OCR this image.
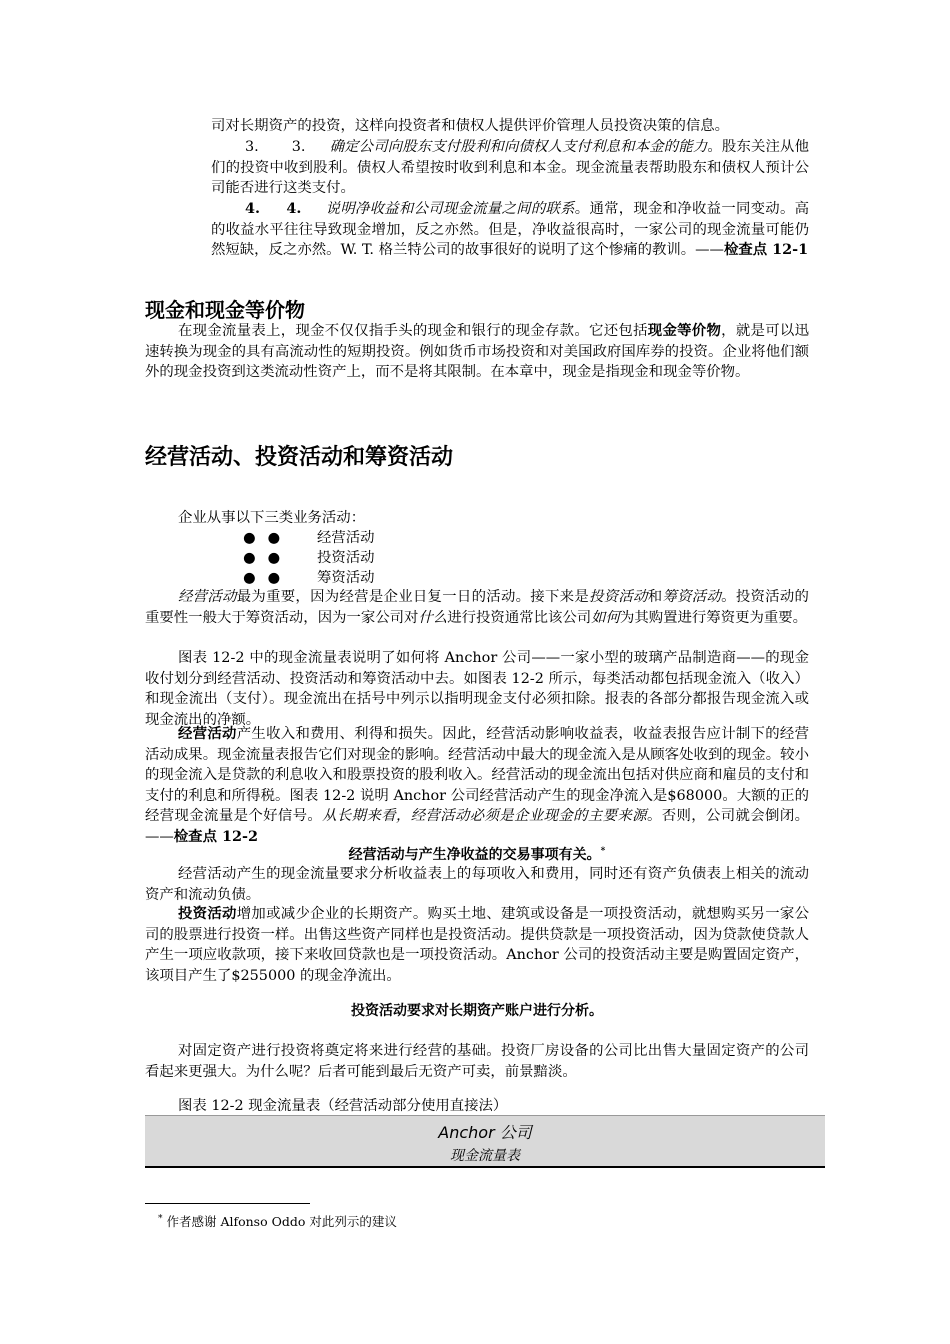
司对长期资产的投资，这样向投资者和债权人提供评价管理人员投资决策的信息。
3.       3. 确定公司向股东支付股利和向债权人支付利息和本金的能力。股东关注从他们的投资中收到股利。债权人希望按时收到利息和本金。现金流量表帮助股东和债权人预计公司能否进行这类支付。
4.     4. 说明净收益和公司现金流量之间的联系。通常，现金和净收益一同变动。高的收益水平往往导致现金增加，反之亦然。但是，净收益很高时，一家公司的现金流量可能仍然短缺，反之亦然。W. T. 格兰特公司的故事很好的说明了这个惨痛的教训。——检查点 12-1
现金和现金等价物
在现金流量表上，现金不仅仅指手头的现金和银行的现金存款。它还包括现金等价物，就是可以迅速转换为现金的具有高流动性的短期投资。例如货币市场投资和对美国政府国库券的投资。企业将他们额外的现金投资到这类流动性资产上，而不是将其限制。在本章中，现金是指现金和现金等价物。
经营活动、投资活动和筹资活动
企业从事以下三类业务活动：
●● 经营活动
●● 投资活动
●● 筹资活动
经营活动最为重要，因为经营是企业日复一日的活动。接下来是投资活动和筹资活动。投资活动的重要性一般大于筹资活动，因为一家公司对什么进行投资通常比该公司如何为其购置进行筹资更为重要。
图表 12-2 中的现金流量表说明了如何将 Anchor 公司——一家小型的玻璃产品制造商——的现金收付划分到经营活动、投资活动和筹资活动中去。如图表 12-2 所示，每类活动都包括现金流入（收入）和现金流出（支付）。现金流出在括号中列示以指明现金支付必须扣除。报表的各部分都报告现金流入或现金流出的净额。
经营活动产生收入和费用、利得和损失。因此，经营活动影响收益表，收益表报告应计制下的经营活动成果。现金流量表报告它们对现金的影响。经营活动中最大的现金流入是从顾客处收到的现金。较小的现金流入是贷款的利息收入和股票投资的股利收入。经营活动的现金流出包括对供应商和雇员的支付和支付的利息和所得税。图表 12-2 说明 Anchor 公司经营活动产生的现金净流入是$68000。大额的正的经营现金流量是个好信号。从长期来看，经营活动必须是企业现金的主要来源。否则，公司就会倒闭。——检查点 12-2
经营活动与产生净收益的交易事项有关。*
经营活动产生的现金流量要求分析收益表上的每项收入和费用，同时还有资产负债表上相关的流动资产和流动负债。
投资活动增加或减少企业的长期资产。购买土地、建筑或设备是一项投资活动，就想购买另一家公司的股票进行投资一样。出售这些资产同样也是投资活动。提供贷款是一项投资活动，因为贷款使贷款人产生一项应收款项，接下来收回贷款也是一项投资活动。Anchor 公司的投资活动主要是购置固定资产，该项目产生了$255000 的现金净流出。
投资活动要求对长期资产账户进行分析。
对固定资产进行投资将奠定将来进行经营的基础。投资厂房设备的公司比出售大量固定资产的公司看起来更强大。为什么呢？后者可能到最后无资产可卖，前景黯淡。
图表 12-2 现金流量表（经营活动部分使用直接法）
Anchor 公司
现金流量表
* 作者感谢 Alfonso Oddo 对此列示的建议
